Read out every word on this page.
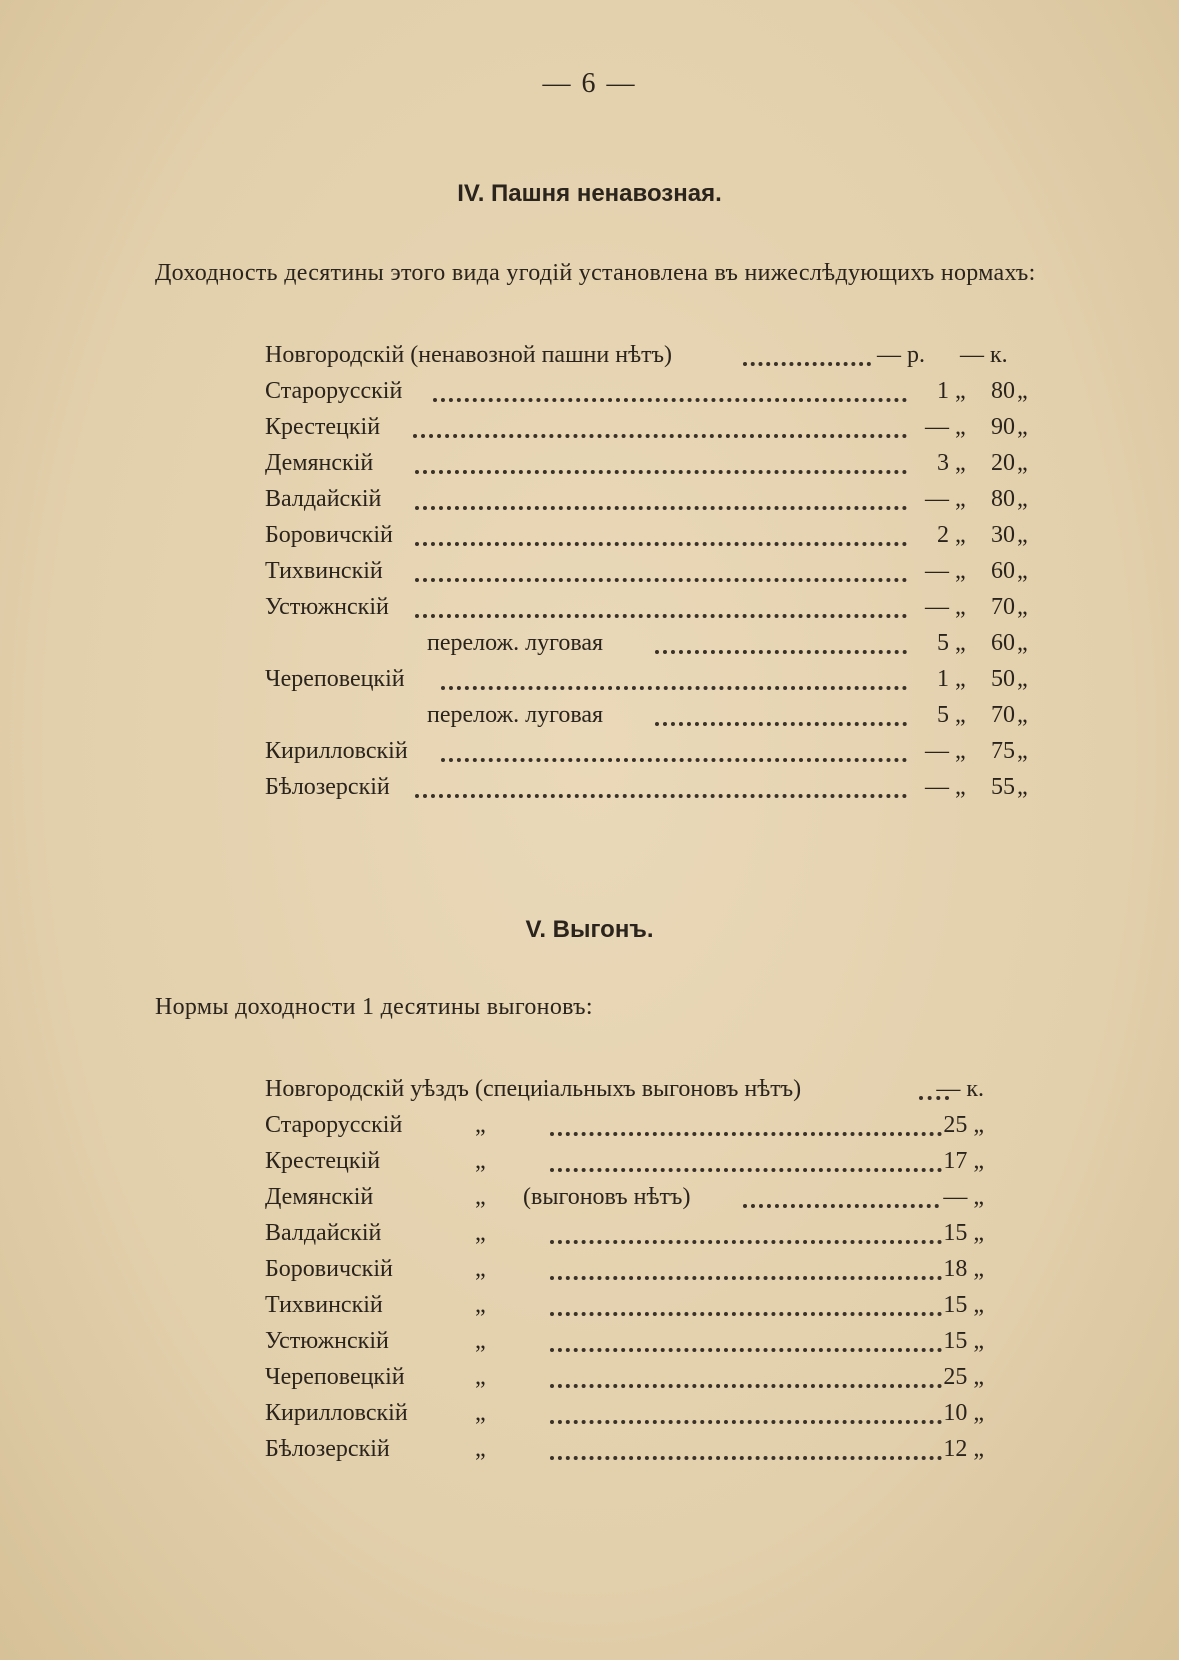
— 6 —
IV. Пашня ненавозная.
Доходность десятины этого вида угодій установлена въ нижеслѣдующихъ нормахъ:
Новгородскій (ненавозной пашни нѣтъ)	— р. — к.
Старорусскій	1 „	80 „
Крестецкій	— „	90 „
Демянскій	3 „	20 „
Валдайскій	— „	80 „
Боровичскій	2 „	30 „
Тихвинскій	— „	60 „
Устюжнскій	— „	70 „
перелож. луговая	5 „	60 „
Череповецкій	1 „	50 „
перелож. луговая	5 „	70 „
Кирилловскій	— „	75 „
Бѣлозерскій	— „	55 „
V. Выгонъ.
Нормы доходности 1 десятины выгоновъ:
Новгородскій уѣздъ (специіальныхъ выгоновъ нѣтъ)	— к.
Старорусскій	„	25 „
Крестецкій	„	17 „
Демянскій	„ (выгоновъ нѣтъ)	— „
Валдайскій	„	15 „
Боровичскій	„	18 „
Тихвинскій	„	15 „
Устюжнскій	„	15 „
Череповецкій	„	25 „
Кирилловскій	„	10 „
Бѣлозерскій	„	12 „
